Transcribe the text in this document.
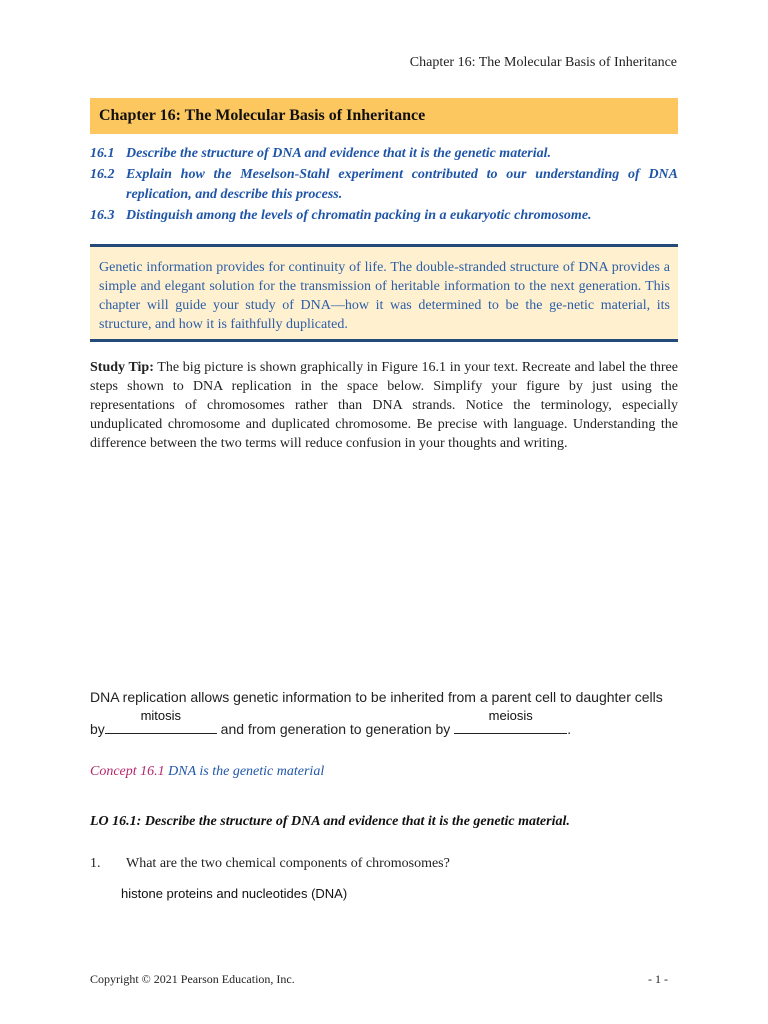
Chapter 16: The Molecular Basis of Inheritance
Chapter 16: The Molecular Basis of Inheritance
16.1 Describe the structure of DNA and evidence that it is the genetic material.
16.2 Explain how the Meselson-Stahl experiment contributed to our understanding of DNA replication, and describe this process.
16.3 Distinguish among the levels of chromatin packing in a eukaryotic chromosome.

Genetic information provides for continuity of life. The double-stranded structure of DNA provides a simple and elegant solution for the transmission of heritable information to the next generation. This chapter will guide your study of DNA—how it was determined to be the ge-netic material, its structure, and how it is faithfully duplicated.

Study Tip: The big picture is shown graphically in Figure 16.1 in your text. Recreate and label the three steps shown to DNA replication in the space below. Simplify your figure by just using the representations of chromosomes rather than DNA strands. Notice the terminology, especially unduplicated chromosome and duplicated chromosome. Be precise with language. Understanding the difference between the two terms will reduce confusion in your thoughts and writing.

DNA replication allows genetic information to be inherited from a parent cell to daughter cells
by
mitosis
and from generation to generation by
meiosis
.
Concept 16.1 DNA is the genetic material
LO 16.1: Describe the structure of DNA and evidence that it is the genetic material.
1.	What are the two chemical components of chromosomes?
histone proteins and nucleotides (DNA)
Copyright © 2021 Pearson Education, Inc.	- 1 -
